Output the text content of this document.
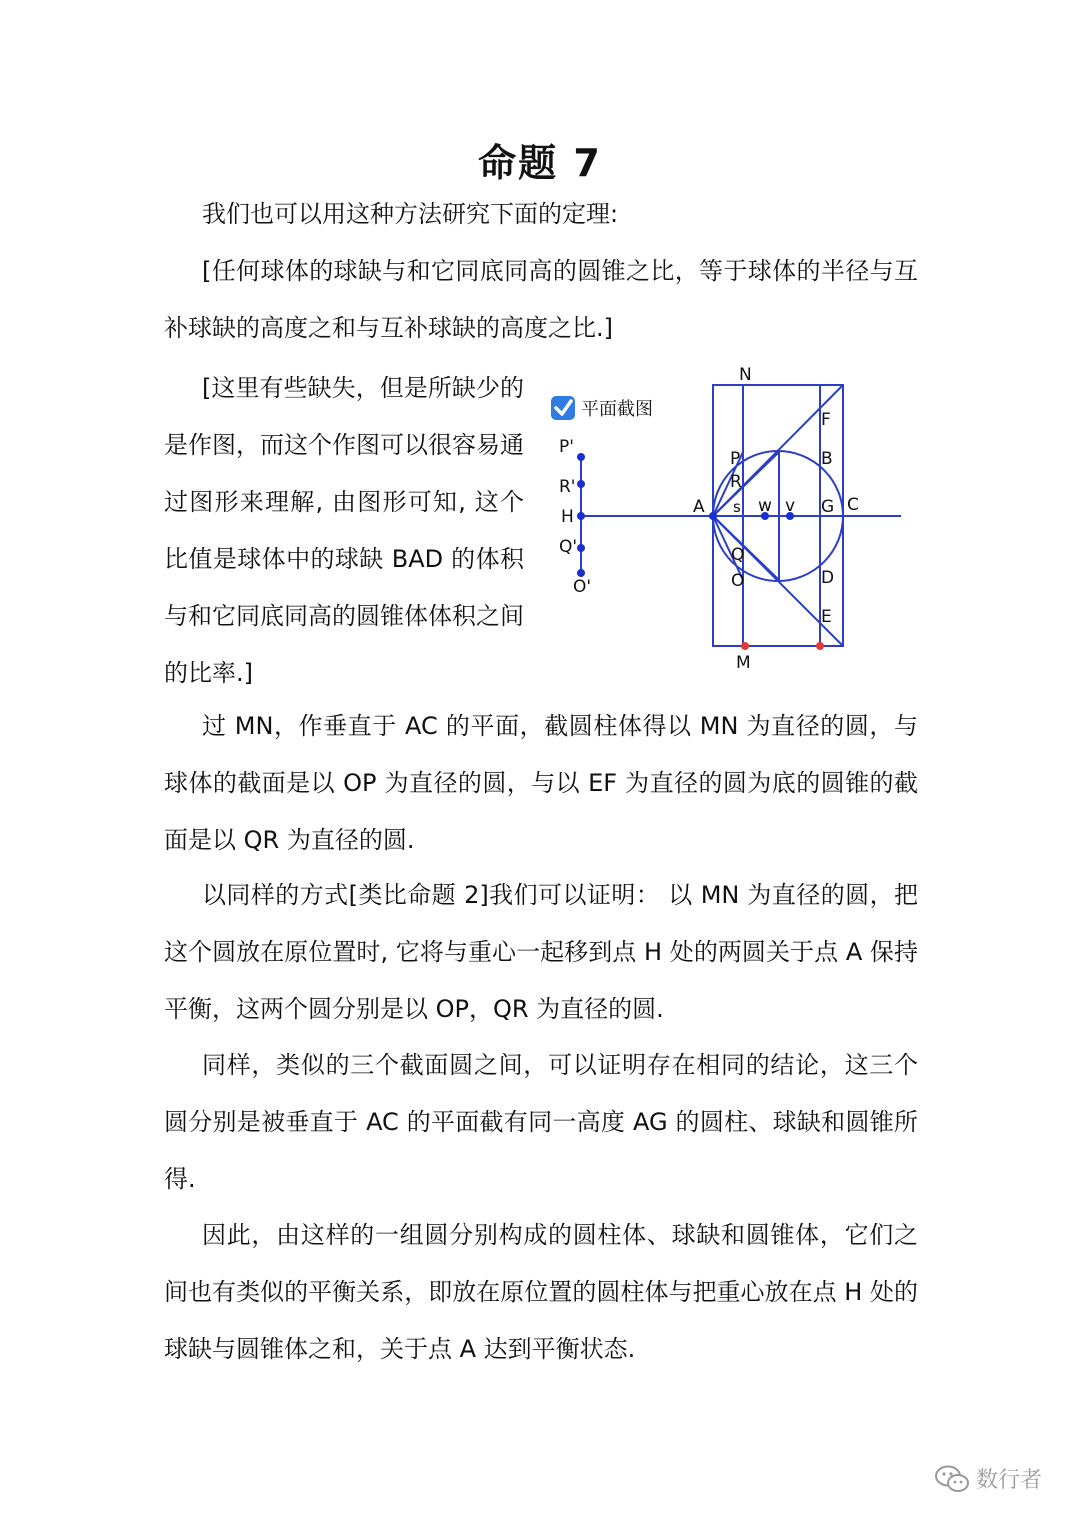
命题 7

我们也可以用这种方法研究下面的定理:

[任何球体的球缺与和它同底同高的圆锥之比，等于球体的半径与互补球缺的高度之和与互补球缺的高度之比.]

[这里有些缺失，但是所缺少的是作图，而这个作图可以很容易通过图形来理解, 由图形可知, 这个比值是球体中的球缺 BAD 的体积与和它同底同高的圆锥体体积之间的比率.]

平面截图
N
F
P	B
R
A s w v G C
Q
O	D
E
M
P'
R'
H
Q'
O'

过 MN，作垂直于 AC 的平面，截圆柱体得以 MN 为直径的圆，与球体的截面是以 OP 为直径的圆，与以 EF 为直径的圆为底的圆锥的截面是以 QR 为直径的圆.

以同样的方式[类比命题 2]我们可以证明： 以 MN 为直径的圆，把这个圆放在原位置时, 它将与重心一起移到点 H 处的两圆关于点 A 保持平衡，这两个圆分别是以 OP，QR 为直径的圆.

同样，类似的三个截面圆之间，可以证明存在相同的结论，这三个圆分别是被垂直于 AC 的平面截有同一高度 AG 的圆柱、球缺和圆锥所得.

因此，由这样的一组圆分别构成的圆柱体、球缺和圆锥体，它们之间也有类似的平衡关系，即放在原位置的圆柱体与把重心放在点 H 处的球缺与圆锥体之和，关于点 A 达到平衡状态.

数行者
